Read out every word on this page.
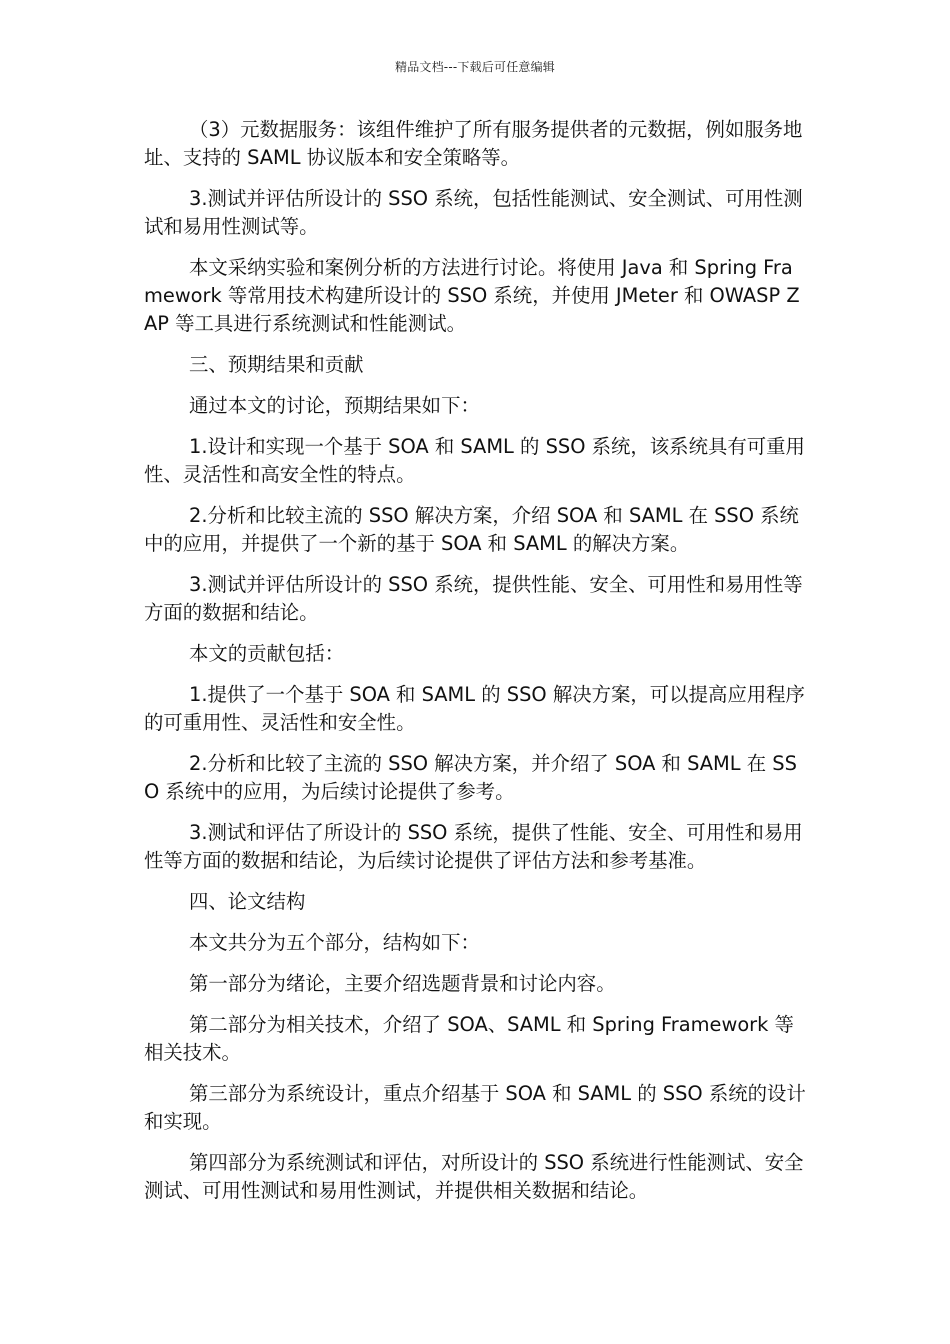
精品文档---下载后可任意编辑

（3）元数据服务：该组件维护了所有服务提供者的元数据，例如服务地址、支持的 SAML 协议版本和安全策略等。

3.测试并评估所设计的 SSO 系统，包括性能测试、安全测试、可用性测试和易用性测试等。

本文采纳实验和案例分析的方法进行讨论。将使用 Java 和 Spring Framework 等常用技术构建所设计的 SSO 系统，并使用 JMeter 和 OWASP ZAP 等工具进行系统测试和性能测试。

三、预期结果和贡献

通过本文的讨论，预期结果如下：

1.设计和实现一个基于 SOA 和 SAML 的 SSO 系统，该系统具有可重用性、灵活性和高安全性的特点。

2.分析和比较主流的 SSO 解决方案，介绍 SOA 和 SAML 在 SSO 系统中的应用，并提供了一个新的基于 SOA 和 SAML 的解决方案。

3.测试并评估所设计的 SSO 系统，提供性能、安全、可用性和易用性等方面的数据和结论。

本文的贡献包括：

1.提供了一个基于 SOA 和 SAML 的 SSO 解决方案，可以提高应用程序的可重用性、灵活性和安全性。

2.分析和比较了主流的 SSO 解决方案，并介绍了 SOA 和 SAML 在 SSO 系统中的应用，为后续讨论提供了参考。

3.测试和评估了所设计的 SSO 系统，提供了性能、安全、可用性和易用性等方面的数据和结论，为后续讨论提供了评估方法和参考基准。

四、论文结构

本文共分为五个部分，结构如下：

第一部分为绪论，主要介绍选题背景和讨论内容。

第二部分为相关技术，介绍了 SOA、SAML 和 Spring Framework 等相关技术。

第三部分为系统设计，重点介绍基于 SOA 和 SAML 的 SSO 系统的设计和实现。

第四部分为系统测试和评估，对所设计的 SSO 系统进行性能测试、安全测试、可用性测试和易用性测试，并提供相关数据和结论。
